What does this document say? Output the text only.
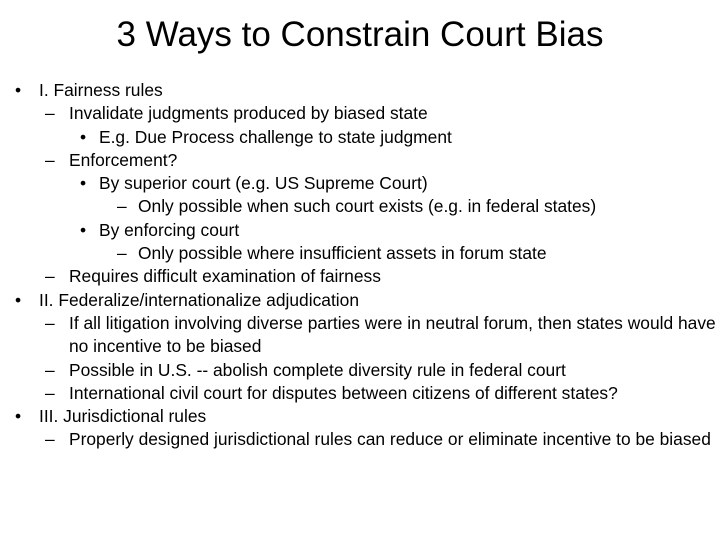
3 Ways to Constrain Court Bias
• I. Fairness rules
– Invalidate judgments produced by biased state
• E.g. Due Process challenge to state judgment
– Enforcement?
• By superior court (e.g. US Supreme Court)
– Only possible when such court exists (e.g. in federal states)
• By enforcing court
– Only possible where insufficient assets in forum state
– Requires difficult examination of fairness
• II. Federalize/internationalize adjudication
– If all litigation involving diverse parties were in neutral forum, then states would have no incentive to be biased
– Possible in U.S. -- abolish complete diversity rule in federal court
– International civil court for disputes between citizens of different states?
• III. Jurisdictional rules
– Properly designed jurisdictional rules can reduce or eliminate incentive to be biased
